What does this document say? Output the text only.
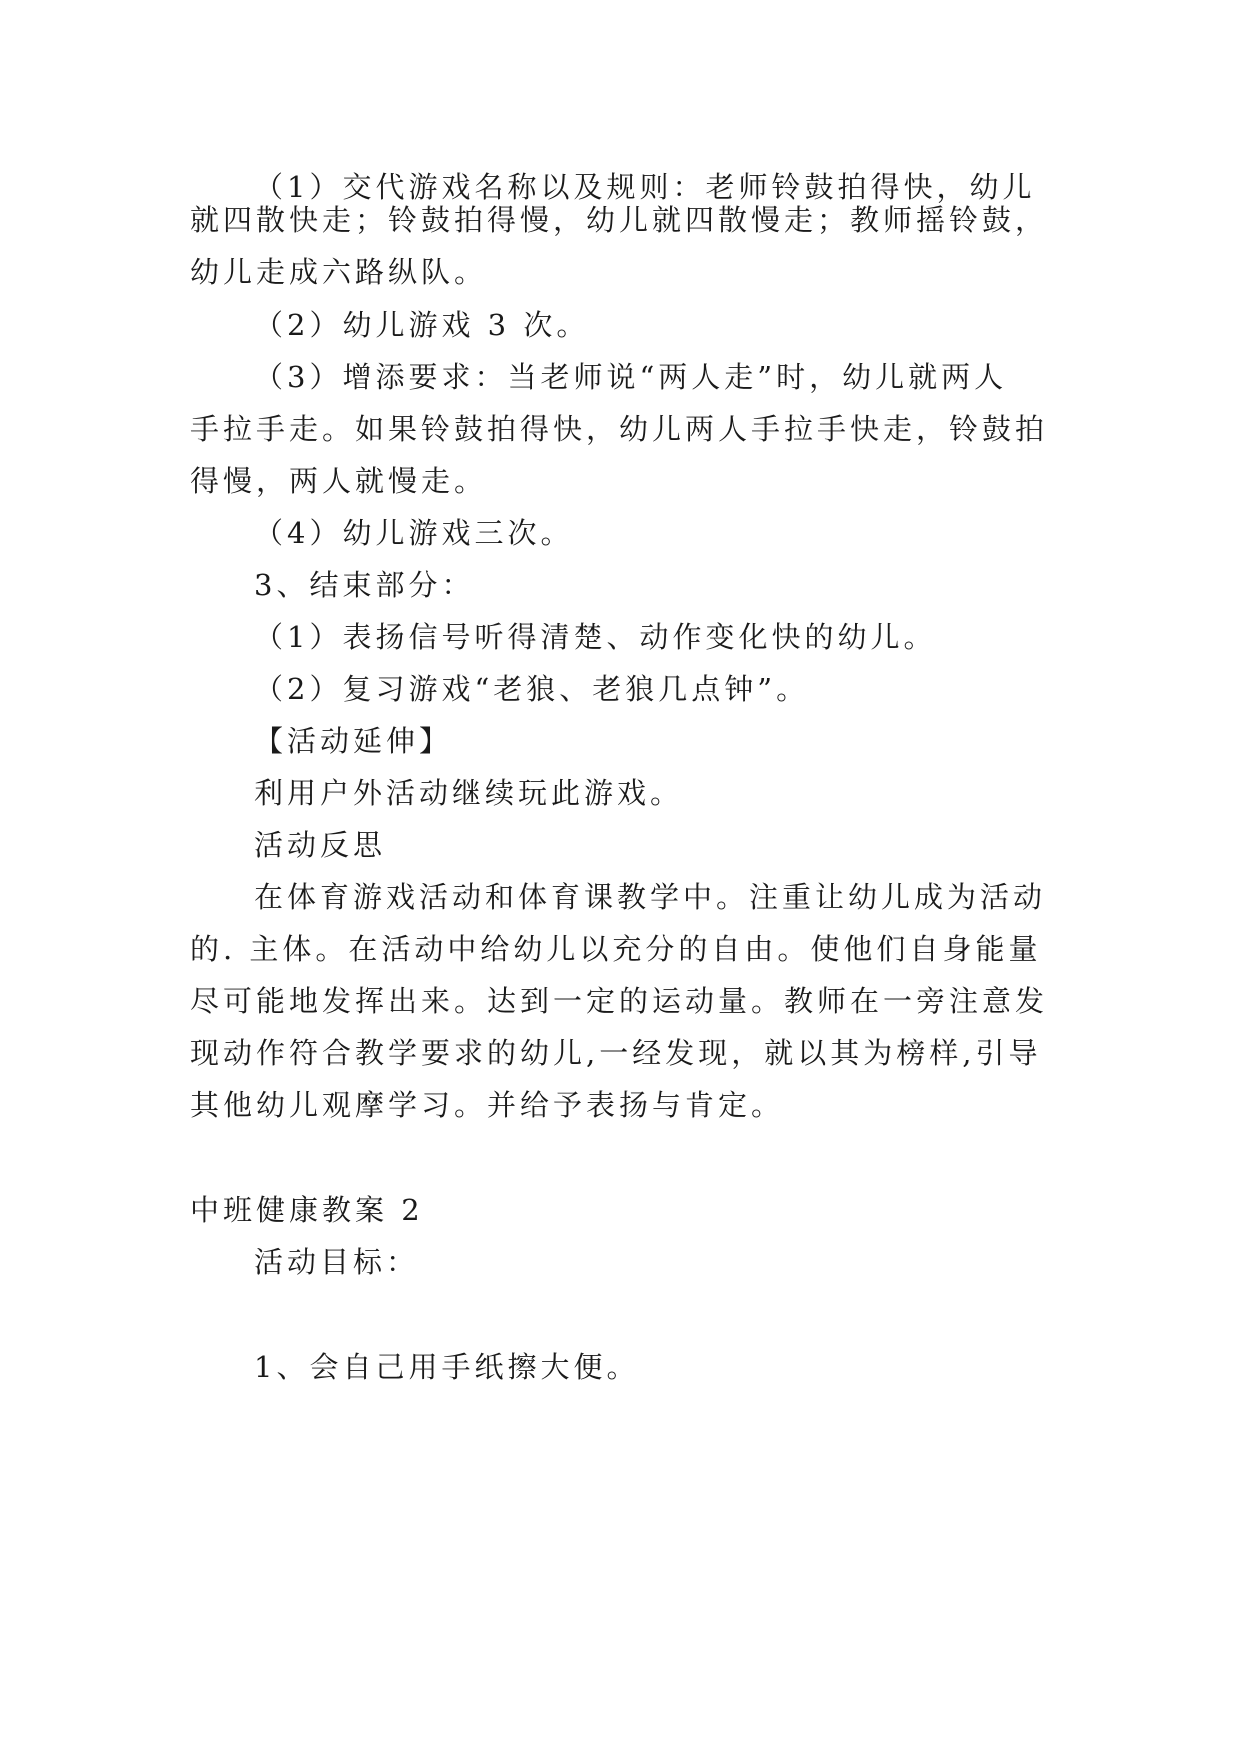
（1）交代游戏名称以及规则：老师铃鼓拍得快，幼儿
就四散快走；铃鼓拍得慢，幼儿就四散慢走；教师摇铃鼓，
幼儿走成六路纵队。
（2）幼儿游戏 3 次。
（3）增添要求：当老师说“两人走”时，幼儿就两人
手拉手走。如果铃鼓拍得快，幼儿两人手拉手快走，铃鼓拍
得慢，两人就慢走。
（4）幼儿游戏三次。
3、结束部分：
（1）表扬信号听得清楚、动作变化快的幼儿。
（2）复习游戏“老狼、老狼几点钟”。
【活动延伸】
利用户外活动继续玩此游戏。
活动反思
在体育游戏活动和体育课教学中。注重让幼儿成为活动
的. 主体。在活动中给幼儿以充分的自由。使他们自身能量
尽可能地发挥出来。达到一定的运动量。教师在一旁注意发
现动作符合教学要求的幼儿,一经发现，就以其为榜样,引导
其他幼儿观摩学习。并给予表扬与肯定。
中班健康教案 2
活动目标：
1、会自己用手纸擦大便。
